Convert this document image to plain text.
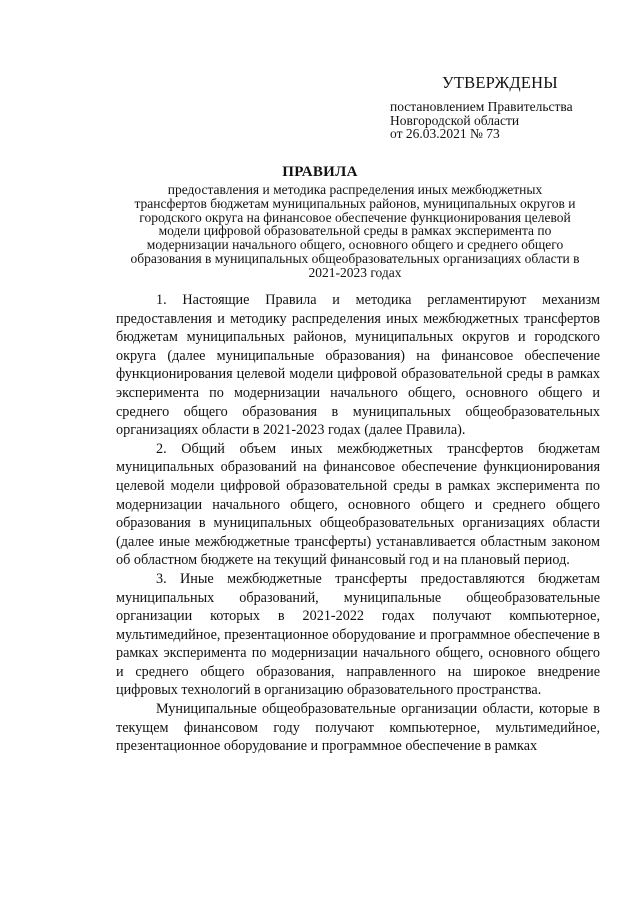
УТВЕРЖДЕНЫ
постановлением Правительства
Новгородской области
от 26.03.2021 № 73
ПРАВИЛА
предоставления и методика распределения иных межбюджетных
трансфертов бюджетам муниципальных районов, муниципальных округов и
городского округа на финансовое обеспечение функционирования целевой
модели цифровой образовательной среды в рамках эксперимента по
модернизации начального общего, основного общего и среднего общего
образования в муниципальных общеобразовательных организациях области в
2021-2023 годах

1. Настоящие Правила и методика регламентируют механизм предоставления и методику распределения иных межбюджетных трансфертов бюджетам муниципальных районов, муниципальных округов и городского округа (далее муниципальные образования) на финансовое обеспечение функционирования целевой модели цифровой образовательной среды в рамках эксперимента по модернизации начального общего, основного общего и среднего общего образования в муниципальных общеобразовательных организациях области в 2021-2023 годах (далее Правила).

2. Общий объем иных межбюджетных трансфертов бюджетам муниципальных образований на финансовое обеспечение функционирования целевой модели цифровой образовательной среды в рамках эксперимента по модернизации начального общего, основного общего и среднего общего образования в муниципальных общеобразовательных организациях области (далее иные межбюджетные трансферты) устанавливается областным законом об областном бюджете на текущий финансовый год и на плановый период.

3. Иные межбюджетные трансферты предоставляются бюджетам муниципальных образований, муниципальные общеобразовательные организации которых в 2021-2022 годах получают компьютерное, мультимедийное, презентационное оборудование и программное обеспечение в рамках эксперимента по модернизации начального общего, основного общего и среднего общего образования, направленного на широкое внедрение цифровых технологий в организацию образовательного пространства.

Муниципальные общеобразовательные организации области, которые в текущем финансовом году получают компьютерное, мультимедийное, презентационное оборудование и программное обеспечение в рамках
